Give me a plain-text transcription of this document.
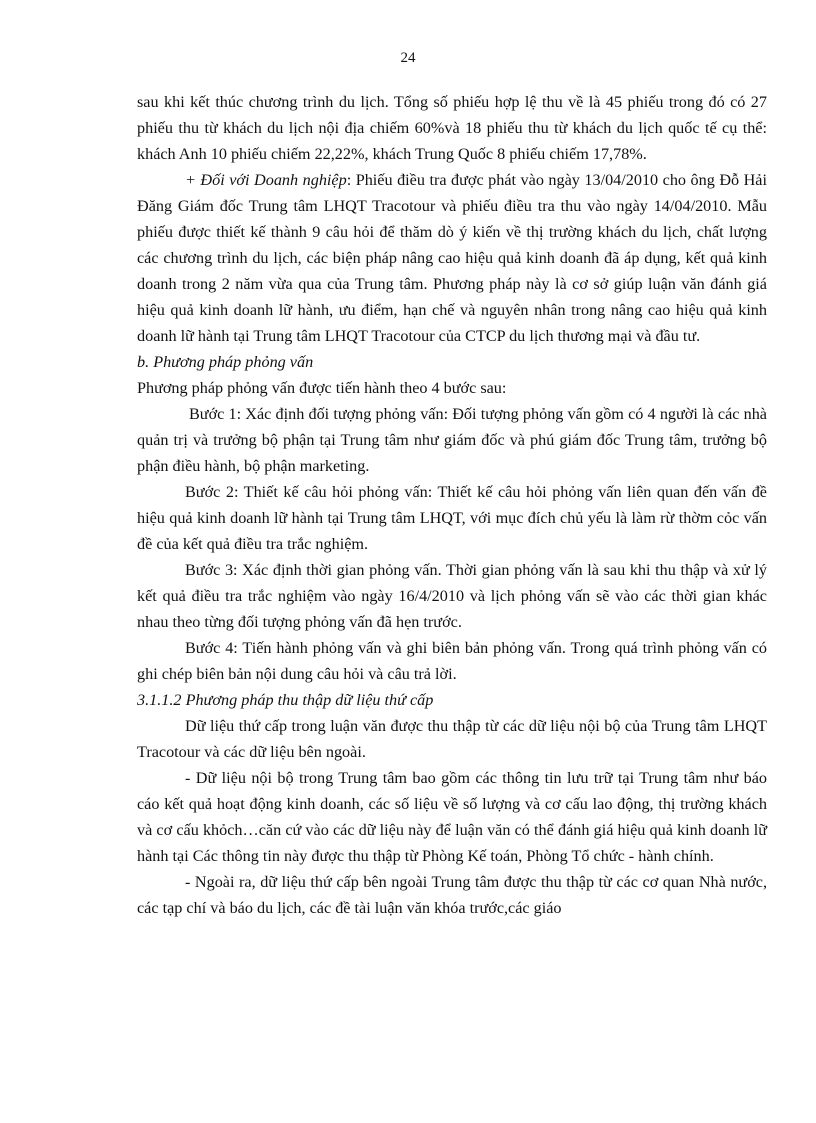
24

sau khi kết thúc chương trình du lịch. Tổng số phiếu hợp lệ thu về là 45 phiếu trong đó có 27 phiếu thu từ khách du lịch nội địa chiếm 60%và 18 phiếu thu từ khách du lịch quốc tế cụ thể: khách Anh 10 phiếu chiếm 22,22%, khách Trung Quốc 8 phiếu chiếm 17,78%.

+ Đối với Doanh nghiệp: Phiếu điều tra được phát vào ngày 13/04/2010 cho ông Đỗ Hải Đăng Giám đốc Trung tâm LHQT Tracotour và phiếu điều tra thu vào ngày 14/04/2010. Mẫu phiếu được thiết kế thành 9 câu hỏi để thăm dò ý kiến về thị trường khách du lịch, chất lượng các chương trình du lịch, các biện pháp nâng cao hiệu quả kinh doanh đã áp dụng, kết quả kinh doanh trong 2 năm vừa qua của Trung tâm. Phương pháp này là cơ sở giúp luận văn đánh giá hiệu quả kinh doanh lữ hành, ưu điểm, hạn chế và nguyên nhân trong nâng cao hiệu quả kinh doanh lữ hành tại Trung tâm LHQT Tracotour của CTCP du lịch thương mại và đầu tư.

b. Phương pháp phỏng vấn

Phương pháp phỏng vấn được tiến hành theo 4 bước sau:

Bước 1: Xác định đối tượng phỏng vấn: Đối tượng phỏng vấn gồm có 4 người là các nhà quản trị và trưởng bộ phận tại Trung tâm như giám đốc và phú giám đốc Trung tâm, trưởng bộ phận điều hành, bộ phận marketing.

Bước 2: Thiết kế câu hỏi phỏng vấn: Thiết kế câu hỏi phỏng vấn liên quan đến vấn đề hiệu quả kinh doanh lữ hành tại Trung tâm LHQT, với mục đích chủ yếu là làm rừ thờm cỏc vấn đề của kết quả điều tra trắc nghiệm.

Bước 3: Xác định thời gian phỏng vấn. Thời gian phỏng vấn là sau khi thu thập và xử lý kết quả điều tra trắc nghiệm vào ngày 16/4/2010 và lịch phỏng vấn sẽ vào các thời gian khác nhau theo từng đối tượng phỏng vấn đã hẹn trước.

Bước 4: Tiến hành phỏng vấn và ghi biên bản phỏng vấn. Trong quá trình phỏng vấn có ghi chép biên bản nội dung câu hỏi và câu trả lời.

3.1.1.2 Phương pháp thu thập dữ liệu thứ cấp

Dữ liệu thứ cấp trong luận văn được thu thập từ các dữ liệu nội bộ của Trung tâm LHQT Tracotour và các dữ liệu bên ngoài.

- Dữ liệu nội bộ trong Trung tâm bao gồm các thông tin lưu trữ tại Trung tâm như báo cáo kết quả hoạt động kinh doanh, các số liệu về số lượng và cơ cấu lao động, thị trường khách và cơ cấu khỏch…căn cứ vào các dữ liệu này để luận văn có thể đánh giá hiệu quả kinh doanh lữ hành tại Các thông tin này được thu thập từ Phòng Kế toán, Phòng Tổ chức - hành chính.

- Ngoài ra, dữ liệu thứ cấp bên ngoài Trung tâm được thu thập từ các cơ quan Nhà nước, các tạp chí và báo du lịch, các đề tài luận văn khóa trước,các giáo
